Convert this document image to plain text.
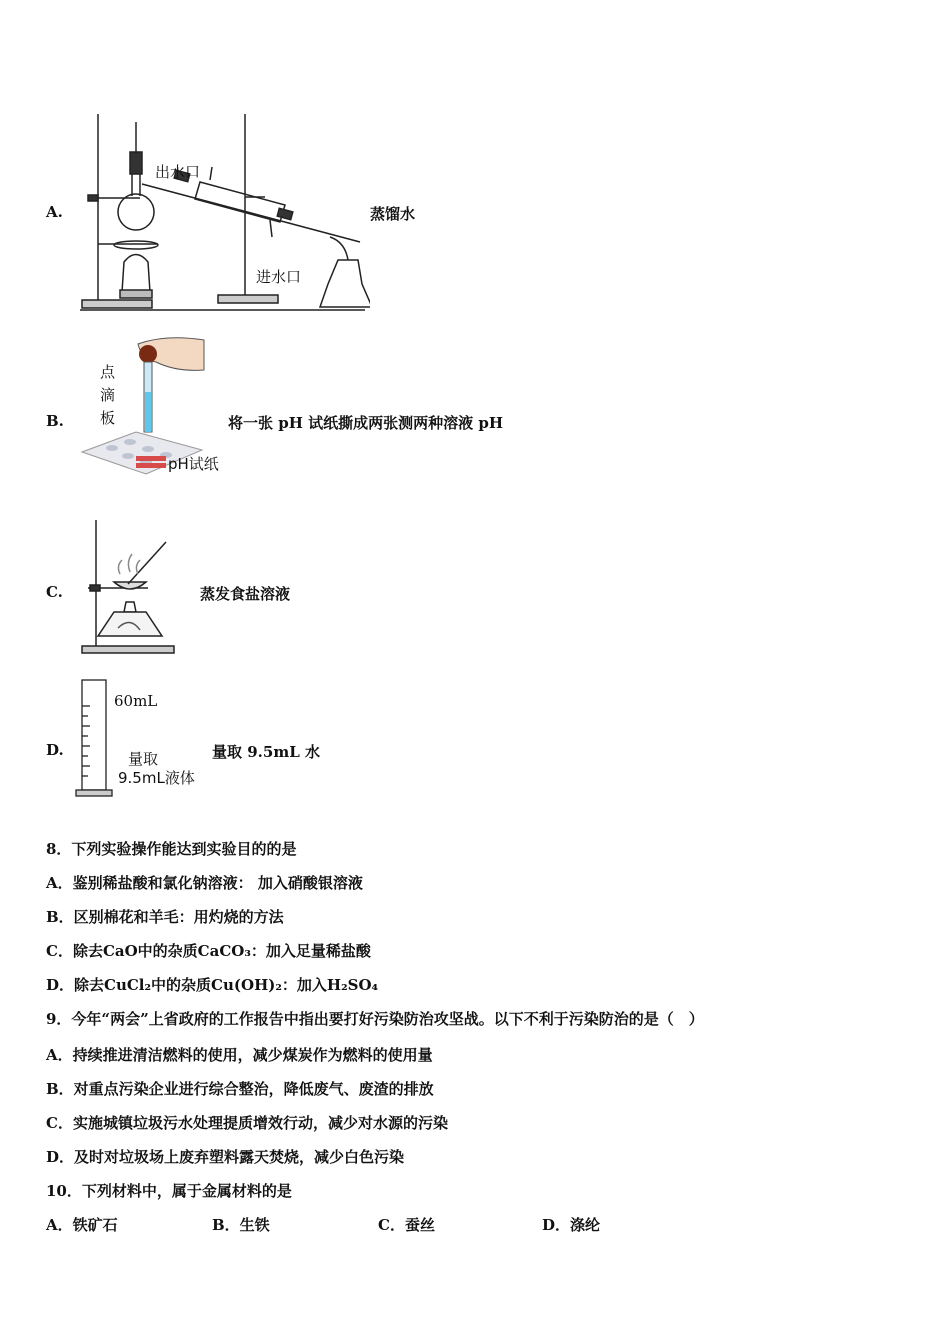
A.
出水口
进水口
蒸馏水
B.
点
滴
板
pH试纸
将一张 pH 试纸撕成两张测两种溶液 pH
C.	蒸发食盐溶液
D.
60mL
量取
9.5mL液体
量取 9.5mL 水
8．下列实验操作能达到实验目的的是
A．鉴别稀盐酸和氯化钠溶液： 加入硝酸银溶液
B．区别棉花和羊毛：用灼烧的方法
C．除去CaO中的杂质CaCO₃：加入足量稀盐酸
D．除去CuCl₂中的杂质Cu(OH)₂：加入H₂SO₄
9．今年“两会”上省政府的工作报告中指出要打好污染防治攻坚战。以下不利于污染防治的是（　）
A．持续推进清洁燃料的使用，减少煤炭作为燃料的使用量
B．对重点污染企业进行综合整治，降低废气、废渣的排放
C．实施城镇垃圾污水处理提质增效行动，减少对水源的污染
D．及时对垃圾场上废弃塑料露天焚烧，减少白色污染
10．下列材料中，属于金属材料的是
A．铁矿石	B．生铁	C．蚕丝	D．涤纶
